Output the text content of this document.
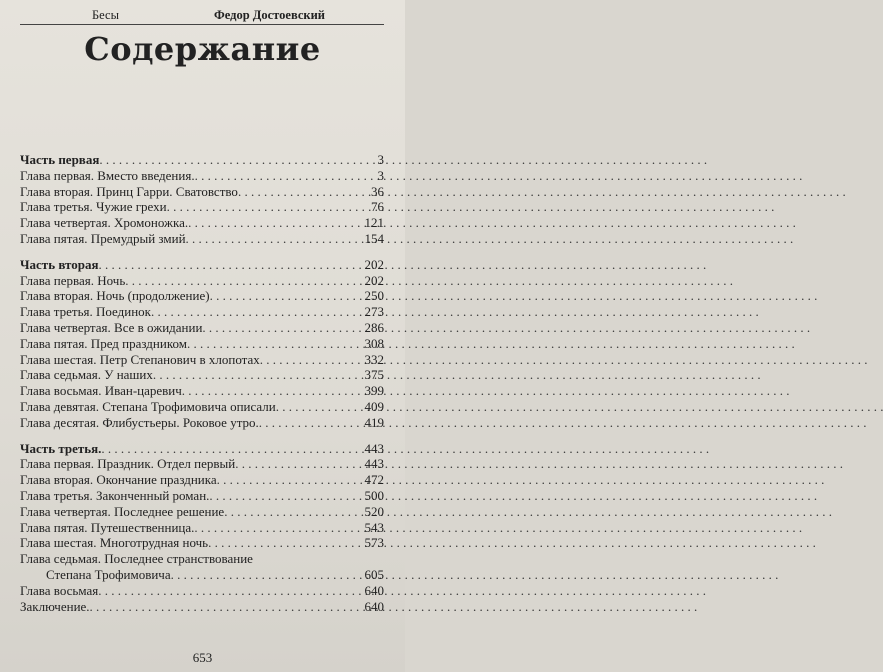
Бесы	Федор Достоевский
Содержание
Часть первая . . .	3
Глава первая. Вместо введения. . . .	3
Глава вторая. Принц Гарри. Сватовство . . .	36
Глава третья. Чужие грехи . . .	76
Глава четвертая. Хромоножка. . . .	121
Глава пятая. Премудрый змий . . .	154
Часть вторая . . .	202
Глава первая. Ночь . . .	202
Глава вторая. Ночь (продолжение) . . .	250
Глава третья. Поединок . . .	273
Глава четвертая. Все в ожидании . . .	286
Глава пятая. Пред праздником . . .	308
Глава шестая. Петр Степанович в хлопотах . . .	332
Глава седьмая. У наших . . .	375
Глава восьмая. Иван-царевич . . .	399
Глава девятая. Степана Трофимовича описали . . .	409
Глава десятая. Флибустьеры. Роковое утро. . . .	419
Часть третья. . . .	443
Глава первая. Праздник. Отдел первый . . .	443
Глава вторая. Окончание праздника . . .	472
Глава третья. Законченный роман. . . .	500
Глава четвертая. Последнее решение . . .	520
Глава пятая. Путешественница. . . .	543
Глава шестая. Многотрудная ночь . . .	573
Глава седьмая. Последнее странствование
Степана Трофимовича . . .	605
Глава восьмая . . .	640
Заключение. . . .	640
653
